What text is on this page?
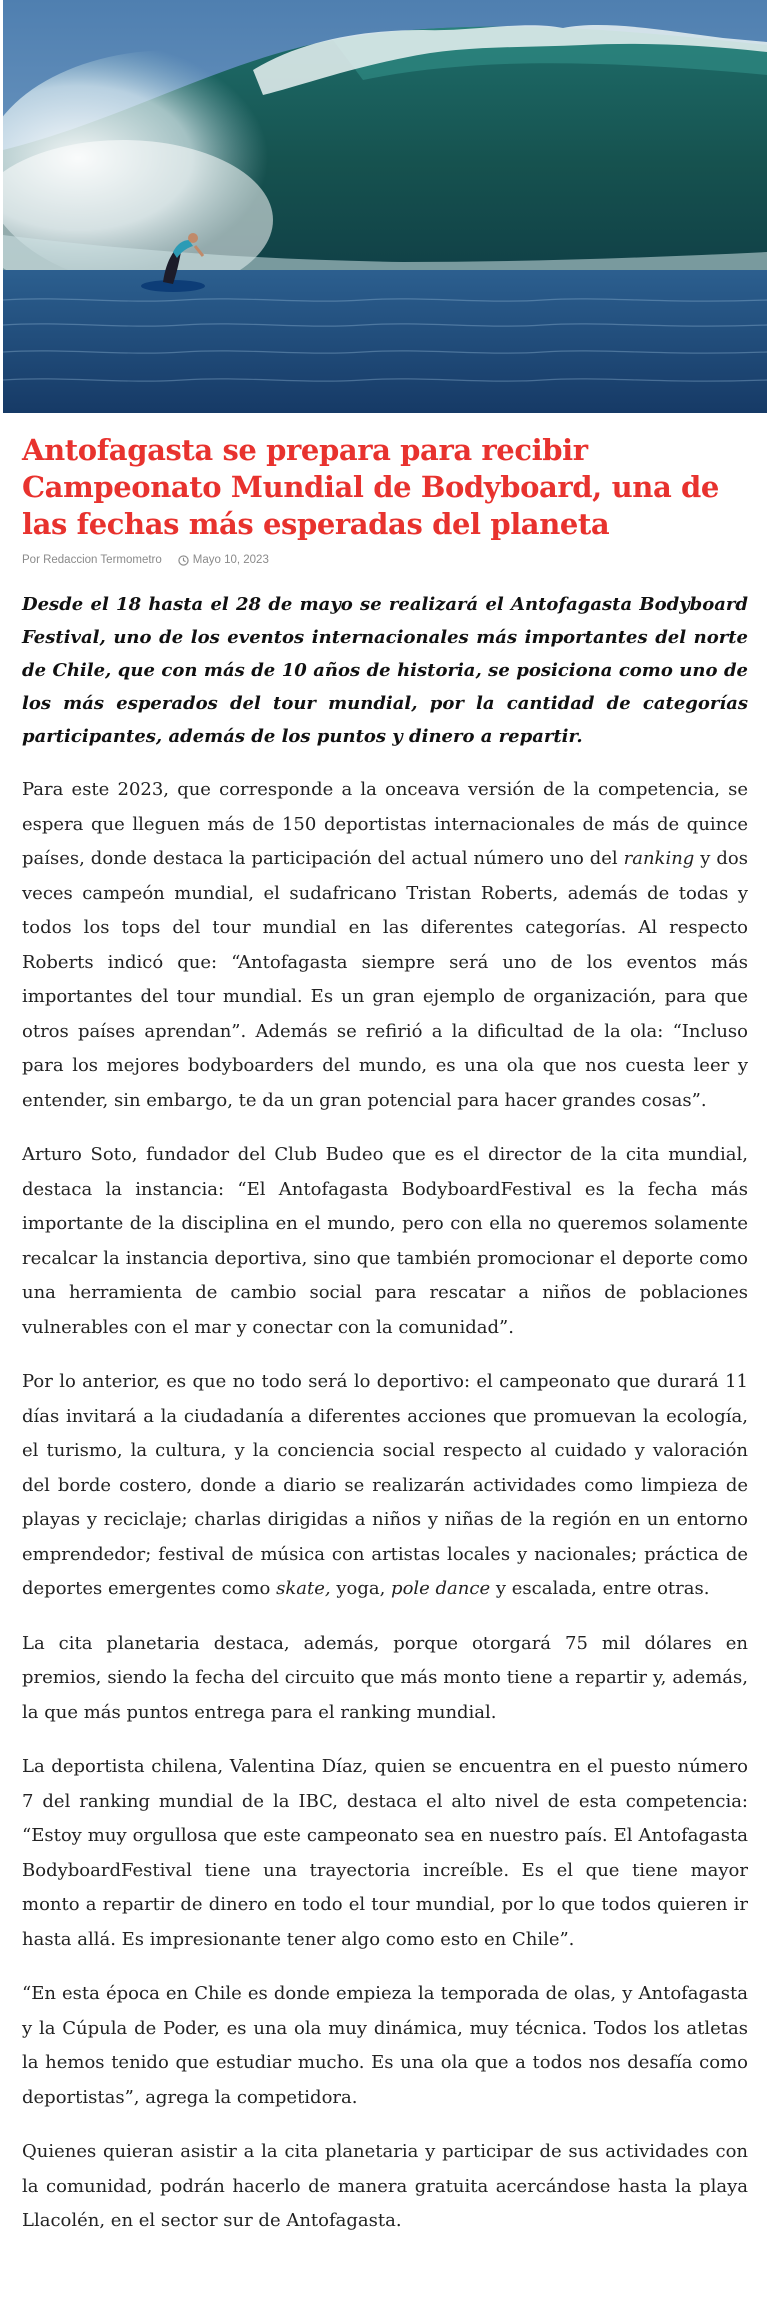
Antofagasta se prepara para recibir Campeonato Mundial de Bodyboard, una de las fechas más esperadas del planeta
Por Redaccion Termometro	Mayo 10, 2023

Desde el 18 hasta el 28 de mayo se realizará el Antofagasta Bodyboard Festival, uno de los eventos internacionales más importantes del norte de Chile, que con más de 10 años de historia, se posiciona como uno de los más esperados del tour mundial, por la cantidad de categorías participantes, además de los puntos y dinero a repartir.

Para este 2023, que corresponde a la onceava versión de la competencia, se espera que lleguen más de 150 deportistas internacionales de más de quince países, donde destaca la participación del actual número uno del ranking y dos veces campeón mundial, el sudafricano Tristan Roberts, además de todas y todos los tops del tour mundial en las diferentes categorías. Al respecto Roberts indicó que: “Antofagasta siempre será uno de los eventos más importantes del tour mundial. Es un gran ejemplo de organización, para que otros países aprendan”. Además se refirió a la dificultad de la ola: “Incluso para los mejores bodyboarders del mundo, es una ola que nos cuesta leer y entender, sin embargo, te da un gran potencial para hacer grandes cosas”.

Arturo Soto, fundador del Club Budeo que es el director de la cita mundial, destaca la instancia: “El Antofagasta BodyboardFestival es la fecha más importante de la disciplina en el mundo, pero con ella no queremos solamente recalcar la instancia deportiva, sino que también promocionar el deporte como una herramienta de cambio social para rescatar a niños de poblaciones vulnerables con el mar y conectar con la comunidad”.

Por lo anterior, es que no todo será lo deportivo: el campeonato que durará 11 días invitará a la ciudadanía a diferentes acciones que promuevan la ecología, el turismo, la cultura, y la conciencia social respecto al cuidado y valoración del borde costero, donde a diario se realizarán actividades como limpieza de playas y reciclaje; charlas dirigidas a niños y niñas de la región en un entorno emprendedor; festival de música con artistas locales y nacionales; práctica de deportes emergentes como skate, yoga, pole dance y escalada, entre otras.

La cita planetaria destaca, además, porque otorgará 75 mil dólares en premios, siendo la fecha del circuito que más monto tiene a repartir y, además, la que más puntos entrega para el ranking mundial.

La deportista chilena, Valentina Díaz, quien se encuentra en el puesto número 7 del ranking mundial de la IBC, destaca el alto nivel de esta competencia: “Estoy muy orgullosa que este campeonato sea en nuestro país. El Antofagasta BodyboardFestival tiene una trayectoria increíble. Es el que tiene mayor monto a repartir de dinero en todo el tour mundial, por lo que todos quieren ir hasta allá. Es impresionante tener algo como esto en Chile”.

“En esta época en Chile es donde empieza la temporada de olas, y Antofagasta y la Cúpula de Poder, es una ola muy dinámica, muy técnica. Todos los atletas la hemos tenido que estudiar mucho. Es una ola que a todos nos desafía como deportistas”, agrega la competidora.

Quienes quieran asistir a la cita planetaria y participar de sus actividades con la comunidad, podrán hacerlo de manera gratuita acercándose hasta la playa Llacolén, en el sector sur de Antofagasta.
